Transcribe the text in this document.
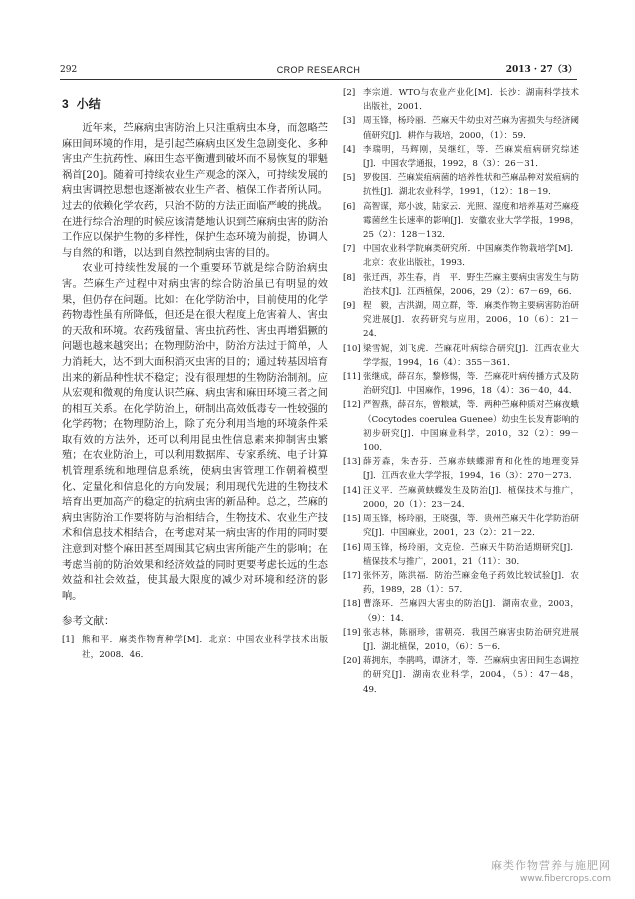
292	CROP RESEARCH	2013 · 27（3）
3 小结

近年来，苎麻病虫害防治上只注重病虫本身，而忽略苎麻田间环境的作用，是引起苎麻病虫区发生急剧变化、多种害虫产生抗药性、麻田生态平衡遭到破坏而不易恢复的罪魁祸首[20]。随着可持续农业生产观念的深入，可持续发展的病虫害调控思想也逐渐被农业生产者、植保工作者所认同。过去的依赖化学农药，只治不防的方法正面临严峻的挑战。在进行综合治理的时候应该清楚地认识到苎麻病虫害的防治工作应以保护生物的多样性，保护生态环境为前提，协调人与自然的和谐，以达到自然控制病虫害的目的。

农业可持续性发展的一个重要环节就是综合防治病虫害。苎麻生产过程中对病虫害的综合防治虽已有明显的效果，但仍存在问题。比如：在化学防治中，目前使用的化学药物毒性虽有所降低，但还是在很大程度上危害着人、害虫的天敌和环境。农药残留量、害虫抗药性、害虫再增猖獗的问题也越来越突出；在物理防治中，防治方法过于简单，人力消耗大，达不到大面积消灭虫害的目的；通过转基因培育出来的新品种性状不稳定；没有很理想的生物防治制剂。应从宏观和微观的角度认识苎麻、病虫害和麻田环境三者之间的相互关系。在化学防治上，研制出高效低毒专一性较强的化学药物；在物理防治上，除了充分利用当地的环境条件采取有效的方法外，还可以利用昆虫性信息素来抑制害虫繁殖；在农业防治上，可以利用数据库、专家系统、电子计算机管理系统和地理信息系统，使病虫害管理工作朝着模型化、定量化和信息化的方向发展；利用现代先进的生物技术培育出更加高产的稳定的抗病虫害的新品种。总之，苎麻的病虫害防治工作要将防与治相结合，生物技术、农业生产技术和信息技术相结合，在考虑对某一病虫害的作用的同时要注意到对整个麻田甚至周围其它病虫害所能产生的影响；在考虑当前的防治效果和经济效益的同时更要考虑长远的生态效益和社会效益，使其最大限度的减少对环境和经济的影响。

参考文献：

[1] 熊和平．麻类作物育种学[M]．北京：中国农业科学技术出版社，2008．46．

[2] 李宗道．WTO与农业产业化[M]．长沙：湖南科学技术出版社，2001．

[3] 周玉锋，杨玲丽．苎麻天牛幼虫对苎麻为害损失与经济阈值研究[J]．耕作与栽培，2000，（1）：59．

[4] 李瑞明，马辉刚，吴继红，等．苎麻炭疽病研究综述[J]．中国农学通报，1992，8（3）：26－31．

[5] 罗俊国．苎麻炭疽病菌的培养性状和苎麻品种对炭疽病的抗性[J]．湖北农业科学，1991，（12）：18－19．

[6] 高智谋，郑小波，陆家云．光照、湿度和培养基对苎麻疫霉菌丝生长速率的影响[J]．安徽农业大学学报，1998，25（2）：128－132．

[7] 中国农业科学院麻类研究所．中国麻类作物栽培学[M]．北京：农业出版社，1993．

[8] 张迁西，苏生春，肖　平．野生苎麻主要病虫害发生与防治技术[J]．江西植保，2006，29（2）：67－69，66．

[9] 程　毅，吉洪湖，周立群，等．麻类作物主要病害防治研究进展[J]．农药研究与应用，2006，10（6）：21－24．

[10] 梁雪妮，刘飞虎．苎麻花叶病综合研究[J]．江西农业大学学报，1994，16（4）：355－361．

[11] 张继成，薛召东，黎修惕，等．苎麻花叶病传播方式及防治研究[J]．中国麻作，1996，18（4）：36－40，44．

[12] 严智燕，薛召东，曾粮斌，等．两种苎麻种质对苎麻夜蛾（Cocytodes coerulea Guenee）幼虫生长发育影响的初步研究[J]．中国麻业科学，2010，32（2）：99－100．

[13] 薛芳森，朱杏芬．苎麻赤蛱蝶滞育和化性的地理变异[J]．江西农业大学学报，1994，16（3）：270－273．

[14] 汪义平．苎麻黄蛱蝶发生及防治[J]．植保技术与推广，2000，20（1）：23－24．

[15] 周玉锋，杨玲丽，王晓强，等．贵州苎麻天牛化学防治研究[J]．中国麻业，2001，23（2）：21－22．

[16] 周玉锋，杨玲丽，文克俭．苎麻天牛防治适期研究[J]．植保技术与推广，2001，21（11）：30．

[17] 张怀芳，陈洪福．防治苎麻金龟子药效比较试验[J]．农药，1989，28（1）：57．

[18] 曹涤环．苎麻四大害虫的防治[J]．湖南农业，2003，（9）：14．

[19] 张志林，陈丽珍，雷朝亮．我国苎麻害虫防治研究进展[J]．湖北植保，2010，（6）：5－6．

[20] 蒋拥东，李鹃鸣，谭济才，等．苎麻病虫害田间生态调控的研究[J]．湖南农业科学，2004，（5）：47－48，49．

麻类作物营养与施肥网
www.fibercrops.com
